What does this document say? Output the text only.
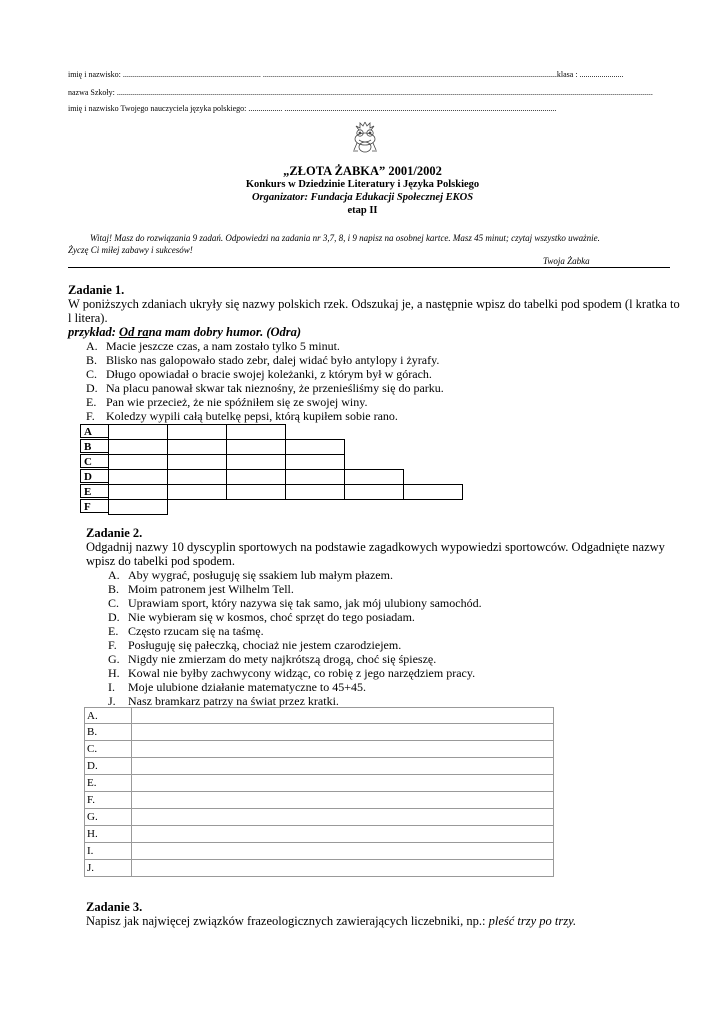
imię i nazwisko: ..................................................................... ...................................................................................................................................................klasa : ......................
nazwa Szkoły: ............................................................................................................................................................................................................................................................................
imię i nazwisko Twojego nauczyciela języka polskiego: ................. ........................................................................................................................................
„ZŁOTA ŻABKA” 2001/2002
Konkurs w Dziedzinie Literatury i Języka Polskiego
Organizator: Fundacja Edukacji Społecznej EKOS
etap II
Witaj! Masz do rozwiązania 9 zadań. Odpowiedzi na zadania nr 3,7, 8, i 9 napisz na osobnej kartce. Masz 45 minut; czytaj wszystko uważnie.
Życzę Ci miłej zabawy i sukcesów!
Twoja Żabka
Zadanie 1.
W poniższych zdaniach ukryły się nazwy polskich rzek. Odszukaj je, a następnie wpisz do tabelki pod spodem (l kratka to
l litera).
przykład: Od rana mam dobry humor. (Odra)
A. Macie jeszcze czas, a nam zostało tylko 5 minut.
B. Blisko nas galopowało stado zebr, dalej widać było antylopy i żyrafy.
C. Długo opowiadał o bracie swojej koleżanki, z którym był w górach.
D. Na placu panował skwar tak nieznośny, że przenieśliśmy się do parku.
E. Pan wie przecież, że nie spóźniłem się ze swojej winy.
F. Koledzy wypili całą butelkę pepsi, którą kupiłem sobie rano.
A
B
C
D
E
F
Zadanie 2.
Odgadnij nazwy 10 dyscyplin sportowych na podstawie zagadkowych wypowiedzi sportowców. Odgadnięte nazwy
wpisz do tabelki pod spodem.
A. Aby wygrać, posługuję się ssakiem lub małym płazem.
B. Moim patronem jest Wilhelm Tell.
C. Uprawiam sport, który nazywa się tak samo, jak mój ulubiony samochód.
D. Nie wybieram się w kosmos, choć sprzęt do tego posiadam.
E. Często rzucam się na taśmę.
F. Posługuję się pałeczką, chociaż nie jestem czarodziejem.
G. Nigdy nie zmierzam do mety najkrótszą drogą, choć się śpieszę.
H. Kowal nie byłby zachwycony widząc, co robię z jego narzędziem pracy.
I. Moje ulubione działanie matematyczne to 45+45.
J. Nasz bramkarz patrzy na świat przez kratki.
A.
B.
C.
D.
E.
F.
G.
H.
I.
J.
Zadanie 3.
Napisz jak najwięcej związków frazeologicznych zawierających liczebniki, np.: pleść trzy po trzy.
